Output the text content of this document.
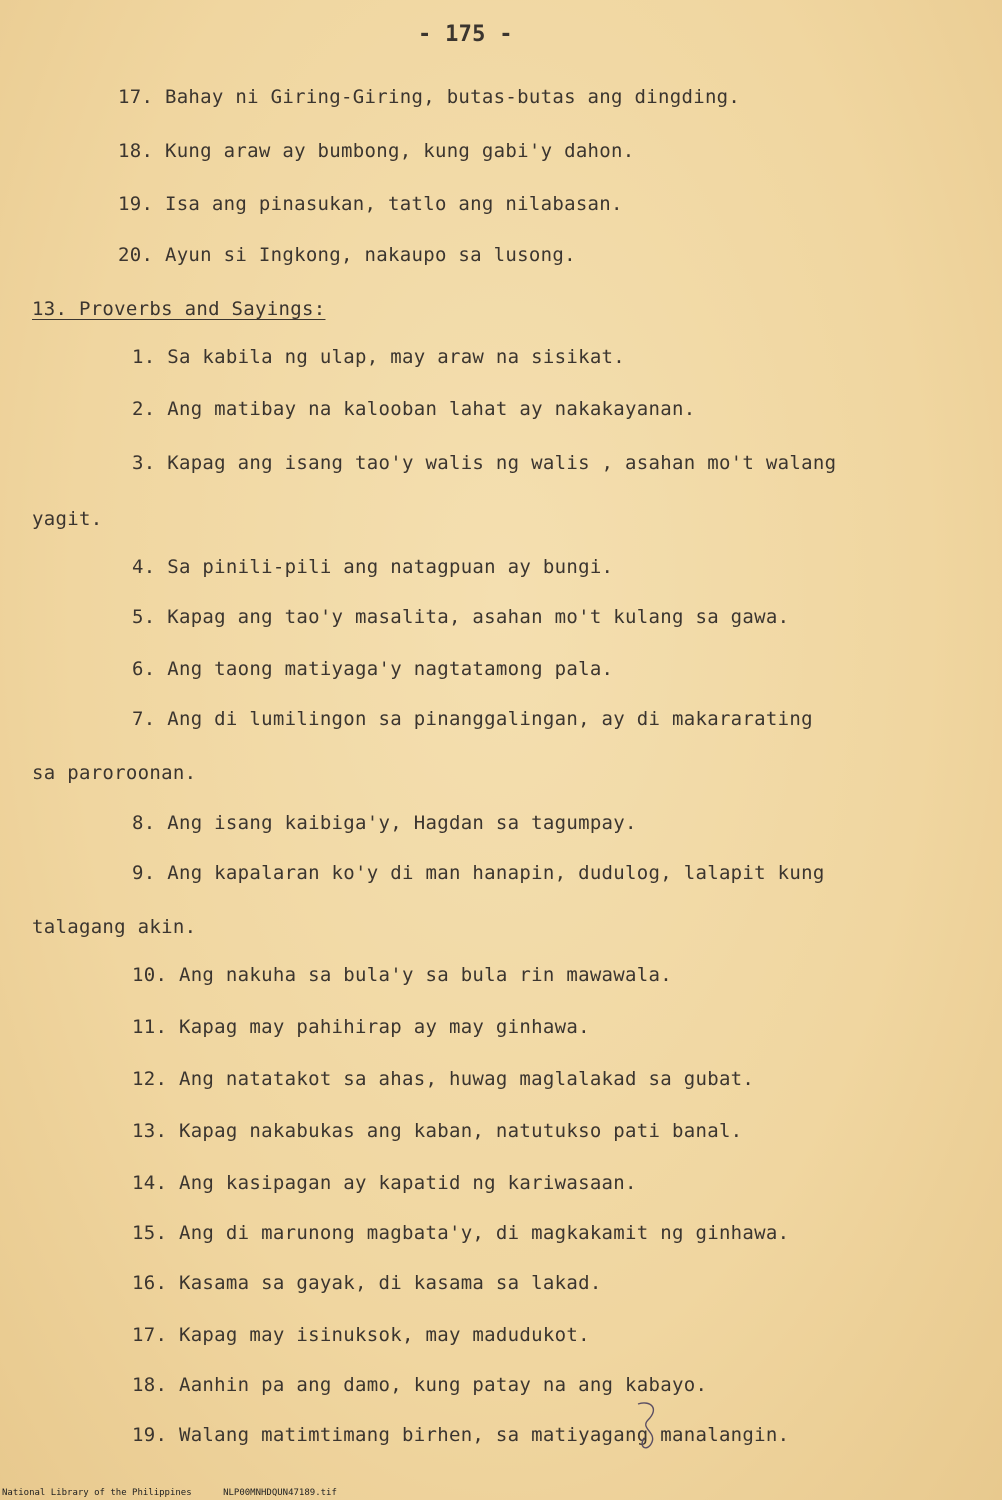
- 175 -
17. Bahay ni Giring-Giring, butas-butas ang dingding.
18. Kung araw ay bumbong, kung gabi'y dahon.
19. Isa ang pinasukan, tatlo ang nilabasan.
20. Ayun si Ingkong, nakaupo sa lusong.
13. Proverbs and Sayings:
1. Sa kabila ng ulap, may araw na sisikat.
2. Ang matibay na kalooban lahat ay nakakayanan.
3. Kapag ang isang tao'y walis ng walis , asahan mo't walang
yagit.
4. Sa pinili-pili ang natagpuan ay bungi.
5. Kapag ang tao'y masalita, asahan mo't kulang sa gawa.
6. Ang taong matiyaga'y nagtatamong pala.
7. Ang di lumilingon sa pinanggalingan, ay di makararating
sa paroroonan.
8. Ang isang kaibiga'y, Hagdan sa tagumpay.
9. Ang kapalaran ko'y di man hanapin, dudulog, lalapit kung
talagang akin.
10. Ang nakuha sa bula'y sa bula rin mawawala.
11. Kapag may pahihirap ay may ginhawa.
12. Ang natatakot sa ahas, huwag maglalakad sa gubat.
13. Kapag nakabukas ang kaban, natutukso pati banal.
14. Ang kasipagan ay kapatid ng kariwasaan.
15. Ang di marunong magbata'y, di magkakamit ng ginhawa.
16. Kasama sa gayak, di kasama sa lakad.
17. Kapag may isinuksok, may madudukot.
18. Aanhin pa ang damo, kung patay na ang kabayo.
19. Walang matimtimang birhen, sa matiyagang manalangin.
National Library of the Philippines	NLP00MNHDQUN47189.tif
